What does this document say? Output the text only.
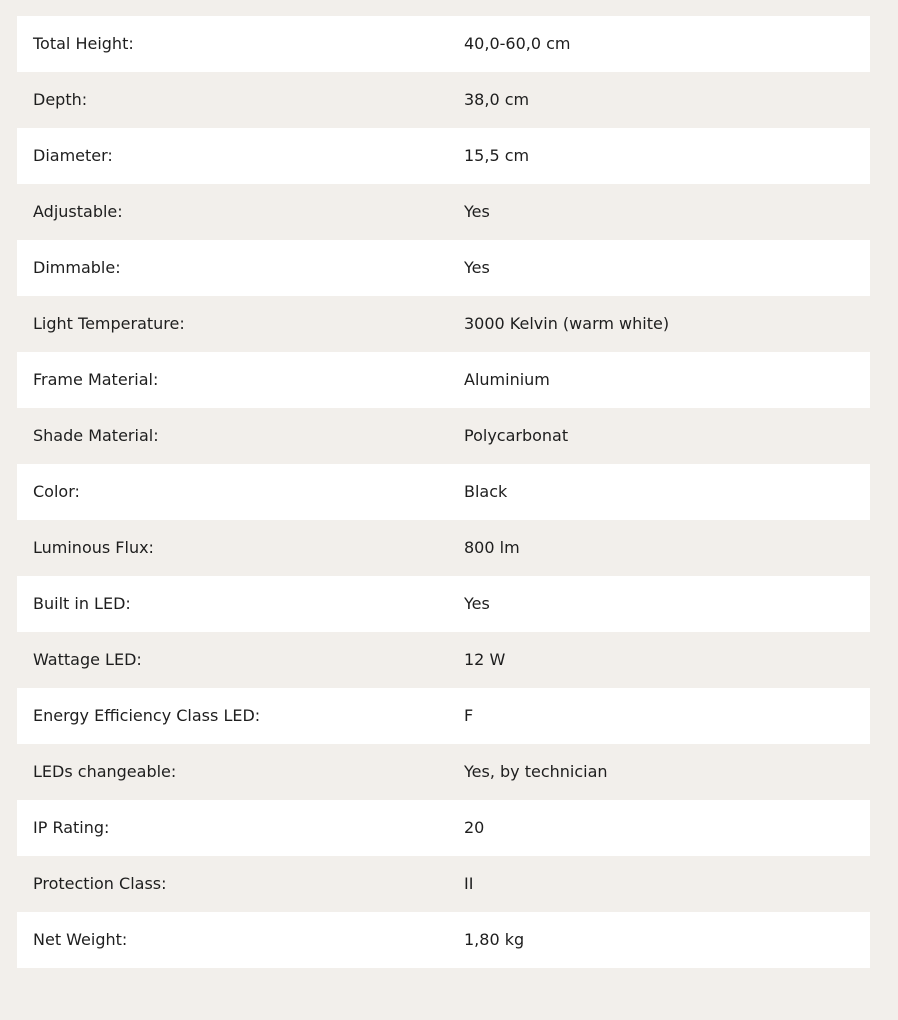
Total Height:	40,0-60,0 cm
Depth:	38,0 cm
Diameter:	15,5 cm
Adjustable:	Yes
Dimmable:	Yes
Light Temperature:	3000 Kelvin (warm white)
Frame Material:	Aluminium
Shade Material:	Polycarbonat
Color:	Black
Luminous Flux:	800 lm
Built in LED:	Yes
Wattage LED:	12 W
Energy Efficiency Class LED:	F
LEDs changeable:	Yes, by technician
IP Rating:	20
Protection Class:	II
Net Weight:	1,80 kg
